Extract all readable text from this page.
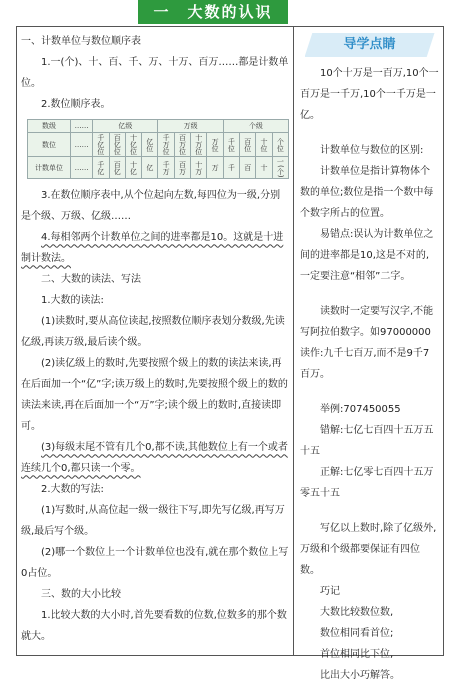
一　大数的认识

一、计数单位与数位顺序表

1.一(个)、十、百、千、万、十万、百万……都是计数单位。

2.数位顺序表。

数级	……	亿级				万级				个级			
数位	……	千亿位	百亿位	十亿位	亿位	千万位	百万位	十万位	万位	千位	百位	十位	个位
计数单位	……	千亿	百亿	十亿	亿	千万	百万	十万	万	千	百	十	一(个)

3.在数位顺序表中,从个位起向左数,每四位为一级,分别是个级、万级、亿级……

4.每相邻两个计数单位之间的进率都是10。这就是十进制计数法。

二、大数的读法、写法

1.大数的读法:

(1)读数时,要从高位读起,按照数位顺序表划分数级,先读亿级,再读万级,最后读个级。

(2)读亿级上的数时,先要按照个级上的数的读法来读,再在后面加一个“亿”字;读万级上的数时,先要按照个级上的数的读法来读,再在后面加一个“万”字;读个级上的数时,直接读即可。

(3)每级末尾不管有几个0,都不读,其他数位上有一个或者连续几个0,都只读一个零。

2.大数的写法:

(1)写数时,从高位起一级一级往下写,即先写亿级,再写万级,最后写个级。

(2)哪一个数位上一个计数单位也没有,就在那个数位上写0占位。

三、数的大小比较

1.比较大数的大小时,首先要看数的位数,位数多的那个数就大。

导学点睛

10个十万是一百万,10个一百万是一千万,10个一千万是一亿。

计数单位与数位的区别:

计数单位是指计算物体个数的单位;数位是指一个数中每个数字所占的位置。

易错点:误认为计数单位之间的进率都是10,这是不对的,一定要注意“相邻”二字。

读数时一定要写汉字,不能写阿拉伯数字。如97000000读作:九千七百万,而不是9千7百万。

举例:707450055

错解:七亿七百四十五万五十五

正解:七亿零七百四十五万零五十五

写亿以上数时,除了亿级外,万级和个级都要保证有四位数。

巧记

大数比较数位数,

数位相同看首位;

首位相同比下位,

比出大小巧解答。
